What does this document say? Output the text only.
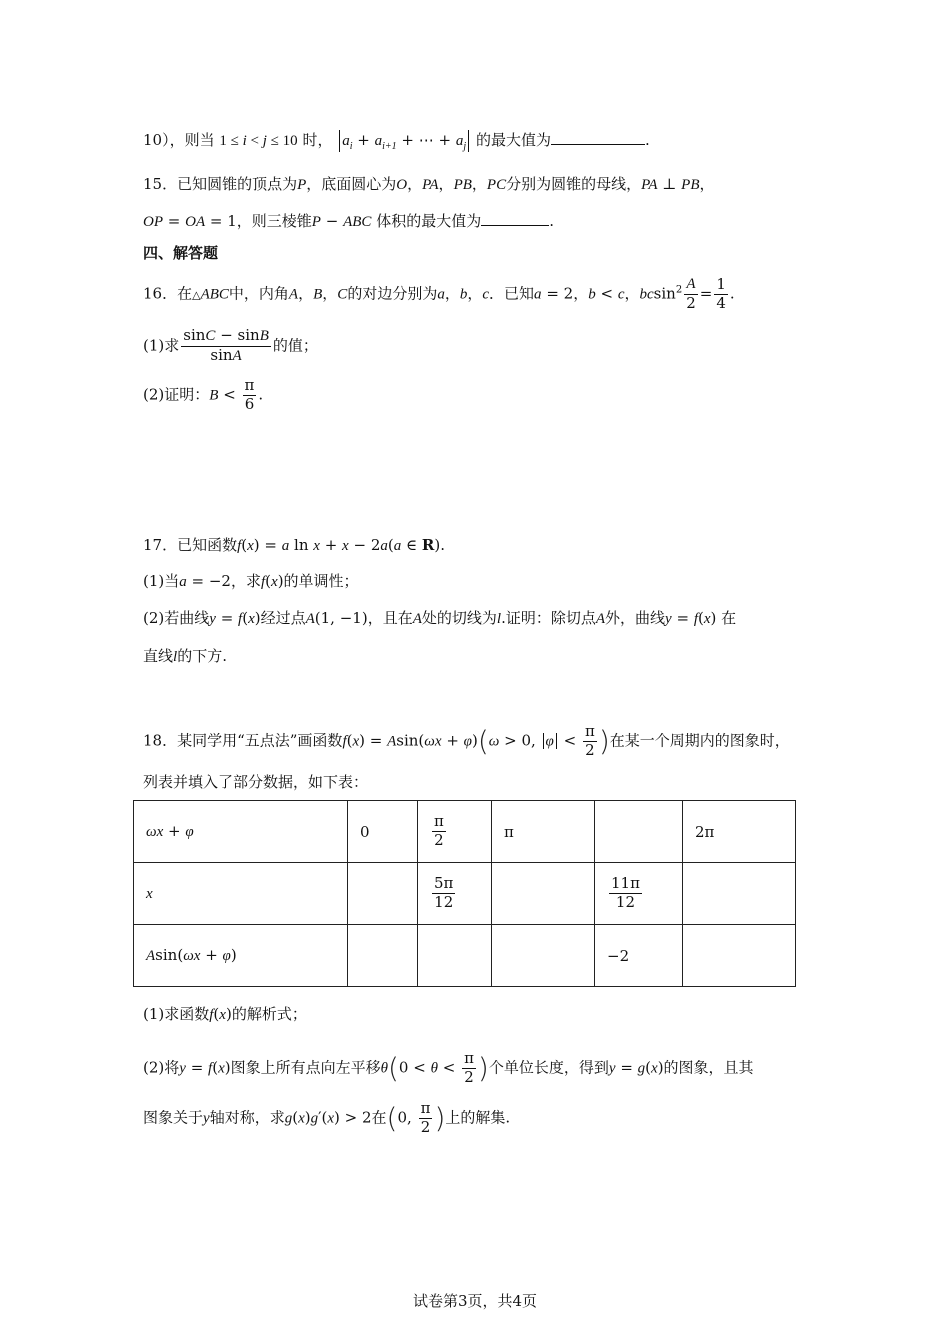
10），则当 1 ≤ i < j ≤ 10 时， $a_i + a_{i+1}$ + ⋯ + $a_j$ 的最大值为	.
15．已知圆锥的顶点为P，底面圆心为O，PA，PB，PC分别为圆锥的母线，PA ⊥ PB，
OP = OA = 1，则三棱锥P − ABC 体积的最大值为	.
四、解答题
16．在△ABC中，内角A，B，C的对边分别为a，b，c．已知a = 2，b < c，$bcsin^2 \frac{A}{2} = \frac{1}{4}$ .
(1)求 $\frac{\sin C - \sin B}{\sin A}$ 的值；
(2)证明：$B < \frac{\pi}{6}$ .
17．已知函数f(x) = a ln x + x − 2a(a ∈ R).
(1)当a = −2，求f(x)的单调性；
(2)若曲线y = f(x)经过点A(1, −1)，且在A处的切线为l.证明：除切点A外，曲线y = f(x) 在
直线l的下方.
18．某同学用“五点法”画函数f(x) = Asin(ωx + φ)(ω > 0, $\varphi < \frac{\pi}{2}$ )在某一个周期内的图象时，
列表并填入了部分数据，如下表：
ωx + φ	0	$\frac{\pi}{2}$	π		2π
x		$\frac{5\pi}{12}$		$\frac{11\pi}{12}$

Asin(ωx + φ)				−2	
(1)求函数f(x)的解析式；
(2)将y = f(x)图象上所有点向左平移$\theta(0 < \theta < \frac{\pi}{2}$ )个单位长度，得到y = g(x)的图象，且其
图象关于y轴对称，求g(x)g′(x) > 2在(0, $\frac{\pi}{2}$ )上的解集.
试卷第3页，共4页
